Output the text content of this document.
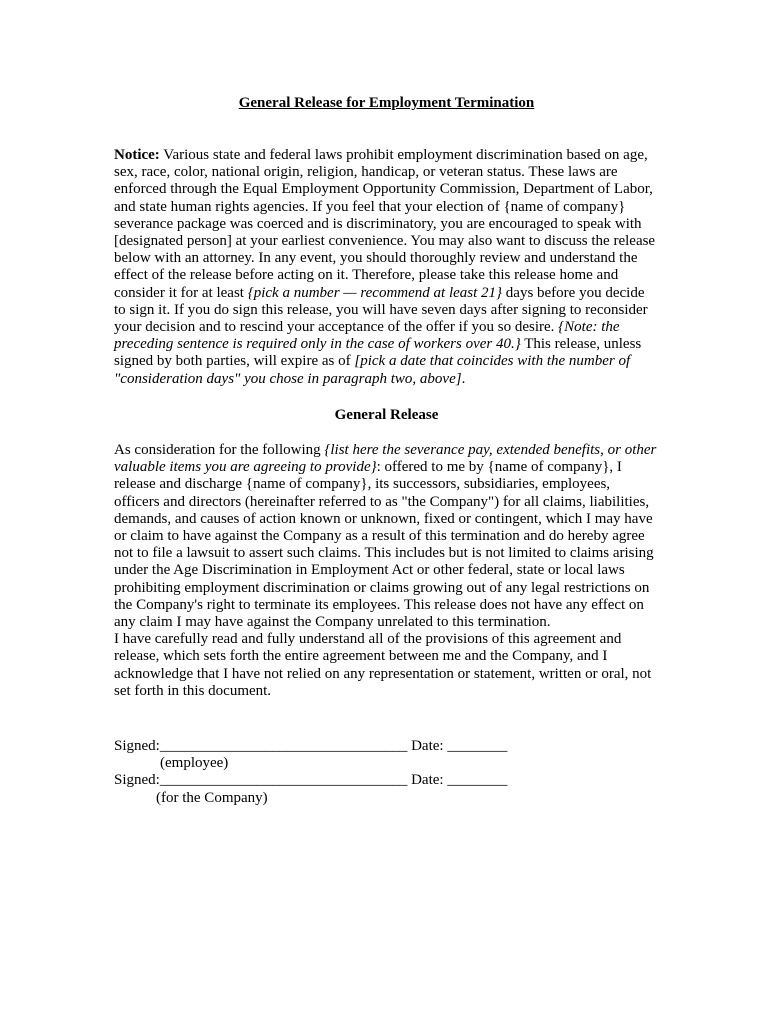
General Release for Employment Termination

Notice: Various state and federal laws prohibit employment discrimination based on age, sex, race, color, national origin, religion, handicap, or veteran status. These laws are enforced through the Equal Employment Opportunity Commission, Department of Labor, and state human rights agencies. If you feel that your election of {name of company} severance package was coerced and is discriminatory, you are encouraged to speak with [designated person] at your earliest convenience. You may also want to discuss the release below with an attorney. In any event, you should thoroughly review and understand the effect of the release before acting on it. Therefore, please take this release home and consider it for at least {pick a number — recommend at least 21} days before you decide to sign it. If you do sign this release, you will have seven days after signing to reconsider your decision and to rescind your acceptance of the offer if you so desire. {Note: the preceding sentence is required only in the case of workers over 40.} This release, unless signed by both parties, will expire as of [pick a date that coincides with the number of "consideration days" you chose in paragraph two, above].

General Release

As consideration for the following {list here the severance pay, extended benefits, or other valuable items you are agreeing to provide}: offered to me by {name of company}, I release and discharge {name of company}, its successors, subsidiaries, employees, officers and directors (hereinafter referred to as "the Company") for all claims, liabilities, demands, and causes of action known or unknown, fixed or contingent, which I may have or claim to have against the Company as a result of this termination and do hereby agree not to file a lawsuit to assert such claims. This includes but is not limited to claims arising under the Age Discrimination in Employment Act or other federal, state or local laws prohibiting employment discrimination or claims growing out of any legal restrictions on the Company's right to terminate its employees. This release does not have any effect on any claim I may have against the Company unrelated to this termination.

I have carefully read and fully understand all of the provisions of this agreement and release, which sets forth the entire agreement between me and the Company, and I acknowledge that I have not relied on any representation or statement, written or oral, not set forth in this document.

Signed:_________________________________ Date: ________

(employee)

Signed:_________________________________ Date: ________

(for the Company)
